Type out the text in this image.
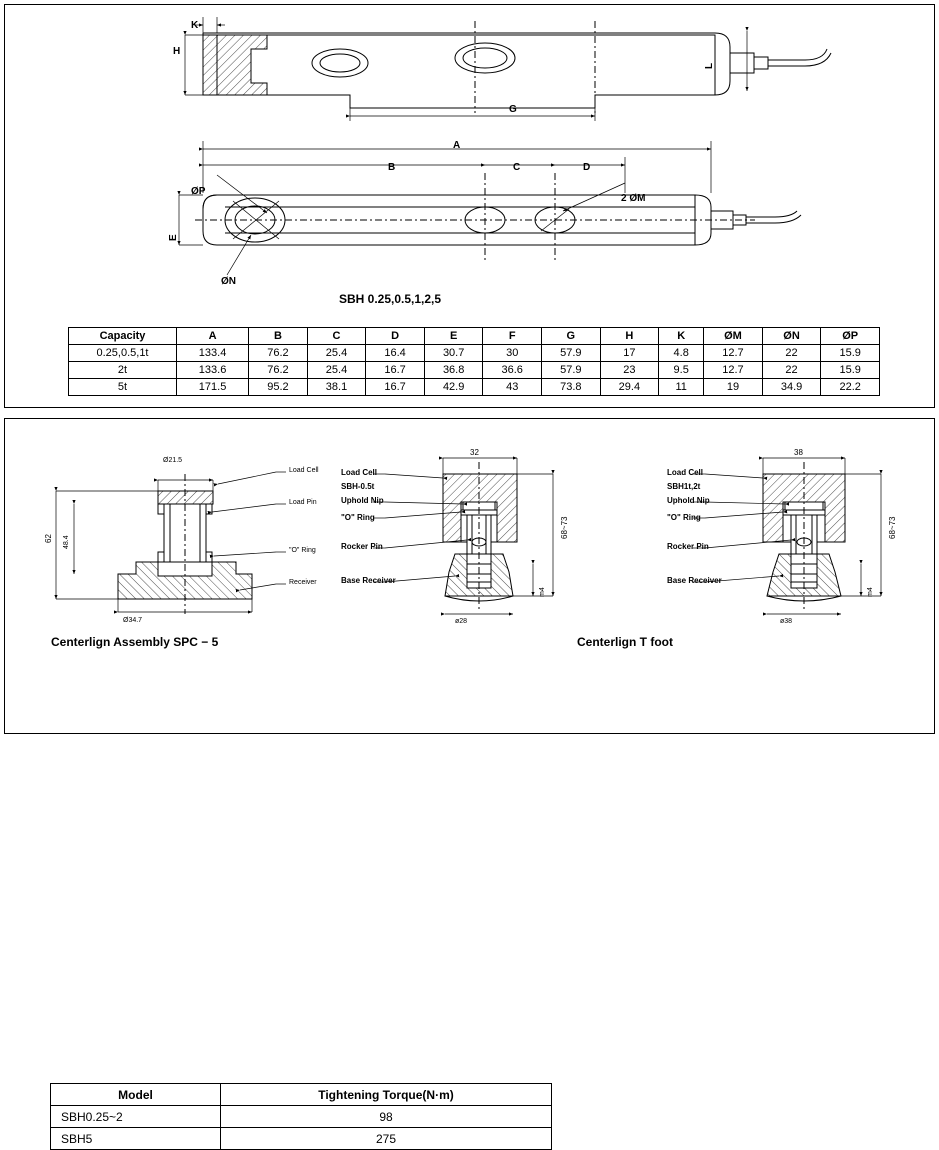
H
K
G
L
A
B	C	D
E
ØP
ØN
2 ØM
SBH 0.25,0.5,1,2,5
Capacity	A	B	C	D	E	F	G	H	K	ØM	ØN	ØP
0.25,0.5,1t	133.4	76.2	25.4	16.4	30.7	30	57.9	17	4.8	12.7	22	15.9
2t	133.6	76.2	25.4	16.7	36.8	36.6	57.9	23	9.5	12.7	22	15.9
5t	171.5	95.2	38.1	16.7	42.9	43	73.8	29.4	11	19	34.9	22.2
Ø21.5
62 48.4
Ø34.7
Load Cell
Load Pin
"O" Ring
Receiver
Centerlign Assembly SPC − 5
32
68~73
m4
ø28
Load Cell
SBH-0.5t
Uphold Nip
"O" Ring
Rocker Pin
Base Receiver
38
68~73
m4
ø38
Load Cell
SBH1t,2t
Uphold Nip
"O" Ring
Rocker Pin
Base Receiver
Centerlign T foot
Model	Tightening Torque(N·m)
SBH0.25~2	98
SBH5	275
